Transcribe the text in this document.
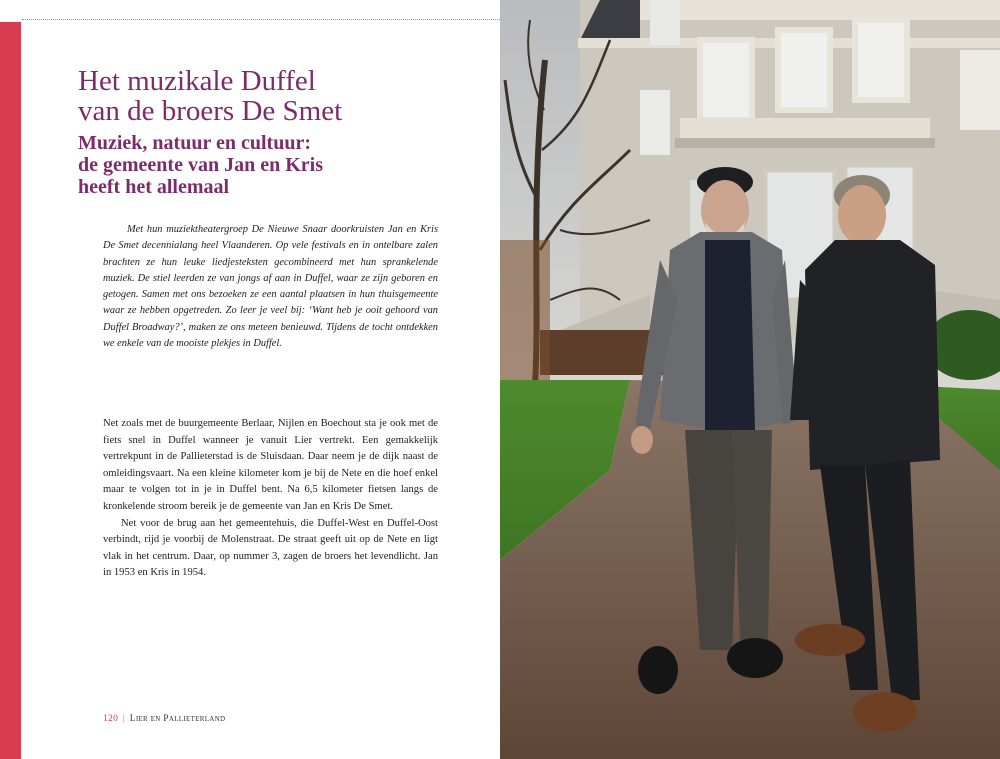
Het muzikale Duffel
van de broers De Smet
Muziek, natuur en cultuur:
de gemeente van Jan en Kris
heeft het allemaal

Met hun muziektheatergroep De Nieuwe Snaar doorkruisten Jan en Kris De Smet decennialang heel Vlaanderen. Op vele festivals en in ontelbare zalen brachten ze hun leuke liedjesteksten gecombineerd met hun sprankelende muziek. De stiel leerden ze van jongs af aan in Duffel, waar ze zijn geboren en getogen. Samen met ons bezoeken ze een aantal plaatsen in hun thuisgemeente waar ze hebben opgetreden. Zo leer je veel bij: ‘Want heb je ooit gehoord van Duffel Broadway?’, maken ze ons meteen benieuwd. Tijdens de tocht ontdekken we enkele van de mooiste plekjes in Duffel.

Net zoals met de buurgemeente Berlaar, Nijlen en Boechout sta je ook met de fiets snel in Duffel wanneer je vanuit Lier vertrekt. Een gemakkelijk vertrekpunt in de Pallieterstad is de Sluisdaan. Daar neem je de dijk naast de omleidingsvaart. Na een kleine kilometer kom je bij de Nete en die hoef enkel maar te volgen tot in je in Duffel bent. Na 6,5 kilometer fietsen langs de kronkelende stroom bereik je de gemeente van Jan en Kris De Smet.

Net voor de brug aan het gemeentehuis, die Duffel-West en Duffel-Oost verbindt, rijd je voorbij de Molenstraat. De straat geeft uit op de Nete en ligt vlak in het centrum. Daar, op nummer 3, zagen de broers het levendlicht. Jan in 1953 en Kris in 1954.

120 | Lier en Pallieterland
